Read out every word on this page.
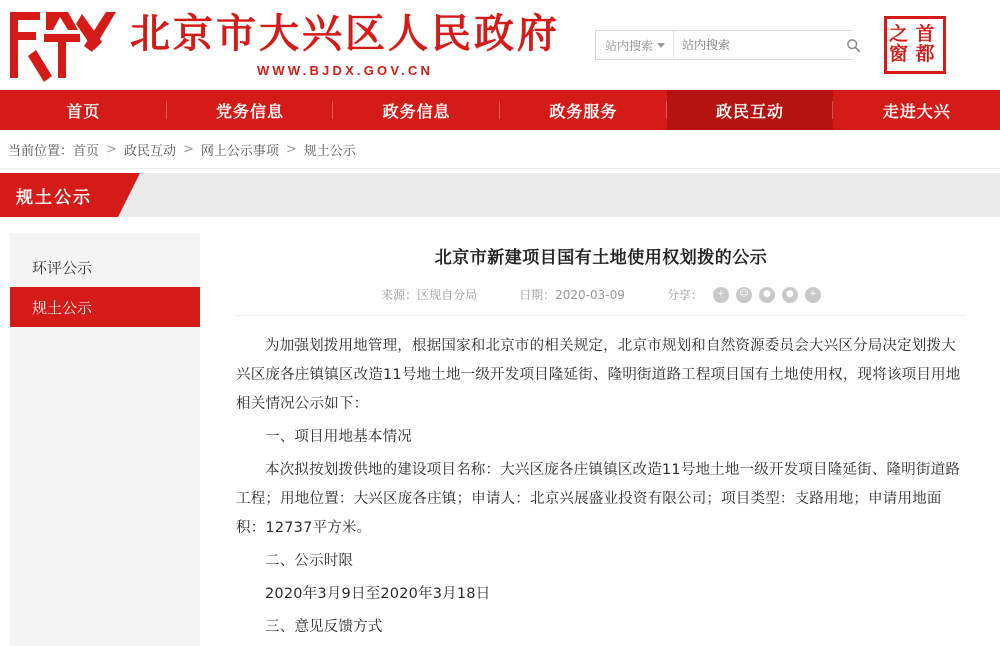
北京市大兴区人民政府
WWW.BJDX.GOV.CN
站内搜索
站内搜索
首都
之窗
首页	党务信息	政务信息	政务服务	政民互动	走进大兴
当前位置： 首页 > 政民互动 > 网上公示事项 > 规土公示
规土公示
环评公示
规土公示
北京市新建项目国有土地使用权划拨的公示
来源：区规自分局	日期：2020-03-09	分享：	+	☺	●	●	+

为加强划拨用地管理，根据国家和北京市的相关规定，北京市规划和自然资源委员会大兴区分局决定划拨大兴区庞各庄镇镇区改造11号地土地一级开发项目隆延街、隆明街道路工程项目国有土地使用权，现将该项目用地相关情况公示如下：

一、项目用地基本情况

本次拟按划拨供地的建设项目名称：大兴区庞各庄镇镇区改造11号地土地一级开发项目隆延街、隆明街道路工程；用地位置：大兴区庞各庄镇；申请人：北京兴展盛业投资有限公司；项目类型：支路用地；申请用地面积：12737平方米。

二、公示时限

2020年3月9日至2020年3月18日

三、意见反馈方式
